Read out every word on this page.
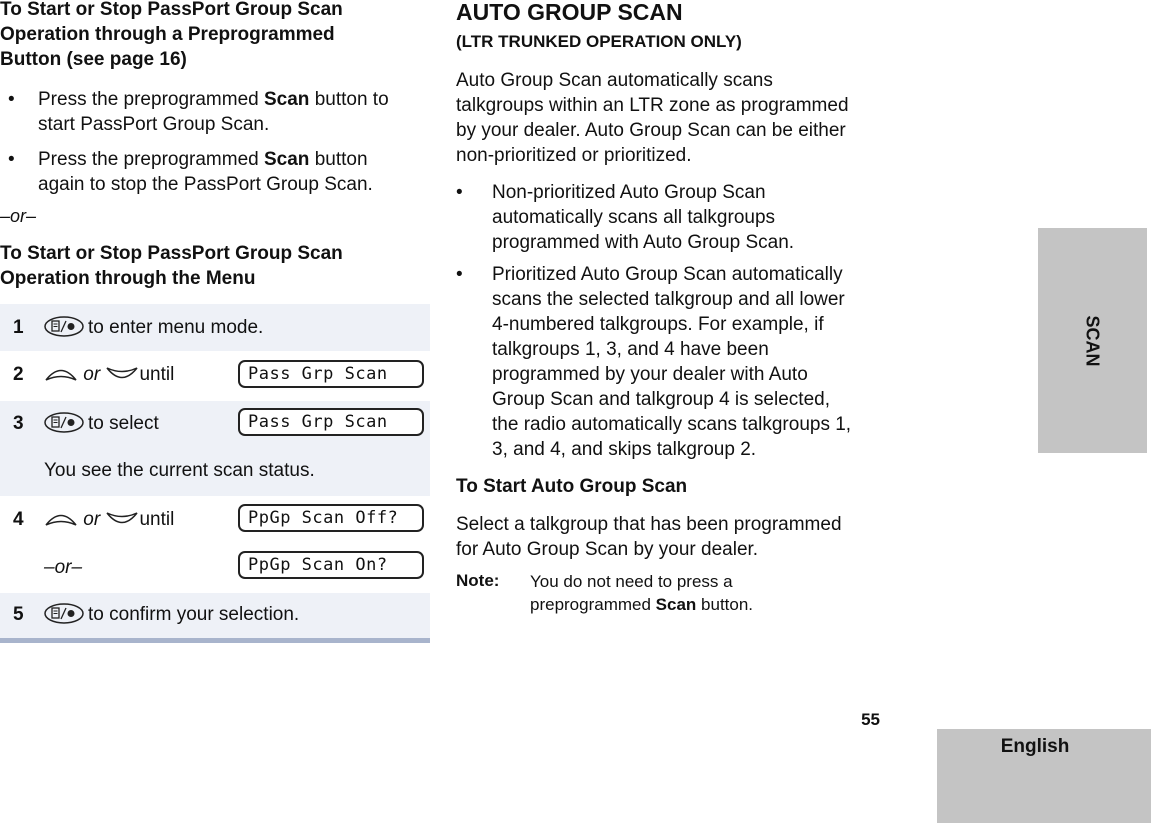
To Start or Stop PassPort Group Scan
Operation through a Preprogrammed
Button (see page 16)
• Press the preprogrammed Scan button to
start PassPort Group Scan.
• Press the preprogrammed Scan button
again to stop the PassPort Group Scan.
–or–
To Start or Stop PassPort Group Scan
Operation through the Menu
1	to enter menu mode.
2	or until	Pass Grp Scan
3	to select	Pass Grp Scan
You see the current scan status.
4	or until	PpGp Scan Off?
–or–	PpGp Scan On?
5	to confirm your selection.
AUTO GROUP SCAN
(LTR TRUNKED OPERATION ONLY)
Auto Group Scan automatically scans
talkgroups within an LTR zone as programmed
by your dealer. Auto Group Scan can be either
non-prioritized or prioritized.
• Non-prioritized Auto Group Scan
automatically scans all talkgroups
programmed with Auto Group Scan.
• Prioritized Auto Group Scan automatically
scans the selected talkgroup and all lower
4-numbered talkgroups. For example, if
talkgroups 1, 3, and 4 have been
programmed by your dealer with Auto
Group Scan and talkgroup 4 is selected,
the radio automatically scans talkgroups 1,
3, and 4, and skips talkgroup 2.
To Start Auto Group Scan
Select a talkgroup that has been programmed
for Auto Group Scan by your dealer.
Note: You do not need to press a
preprogrammed Scan button.
55
SCAN
English
